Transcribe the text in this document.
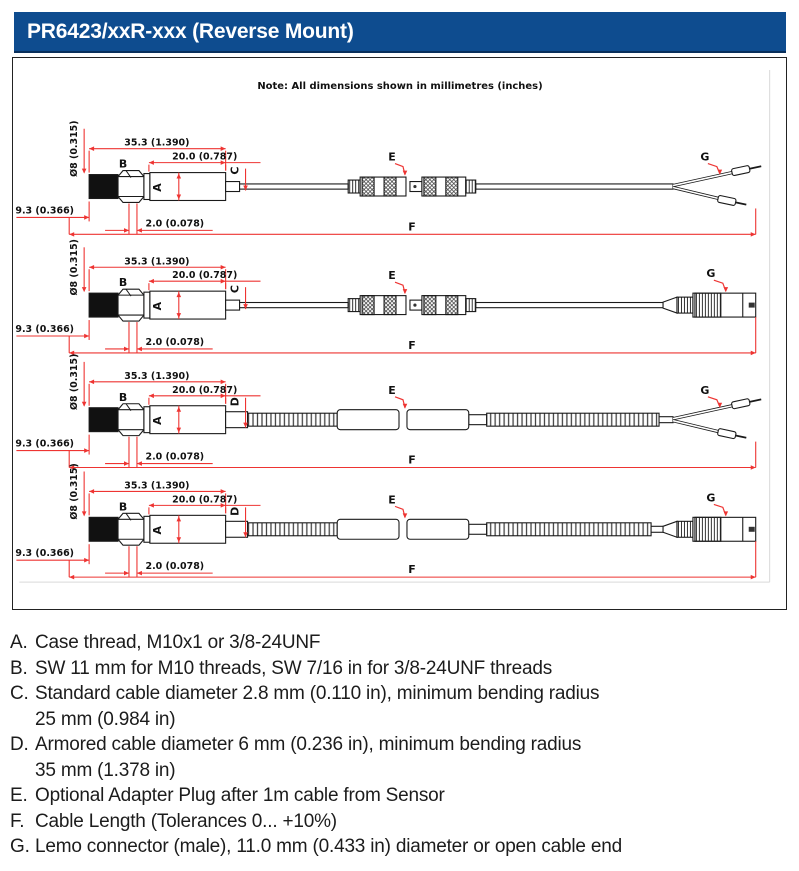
PR6423/xxR-xxx (Reverse Mount)
Note: All dimensions shown in millimetres (inches)
Ø8 (0.315)	35.3 (1.390)
20.0 (0.787)
9.3 (0.366)
2.0 (0.078)
B
A
C
E	G
F
Ø8 (0.315)	35.3 (1.390)
20.0 (0.787)
9.3 (0.366)
2.0 (0.078)
B
A
C
E	G
F
Ø8 (0.315)	35.3 (1.390)
20.0 (0.787)
9.3 (0.366)
2.0 (0.078)
B
A
D
E	G
F
Ø8 (0.315)	35.3 (1.390)
20.0 (0.787)
9.3 (0.366)
2.0 (0.078)
B
A
D
E	G
F
A. Case thread, M10x1 or 3/8-24UNF
B. SW 11 mm for M10 threads, SW 7/16 in for 3/8-24UNF threads
C. Standard cable diameter 2.8 mm (0.110 in), minimum bending radius
25 mm (0.984 in)
D. Armored cable diameter 6 mm (0.236 in), minimum bending radius
35 mm (1.378 in)
E. Optional Adapter Plug after 1m cable from Sensor
F. Cable Length (Tolerances 0... +10%)
G. Lemo connector (male), 11.0 mm (0.433 in) diameter or open cable end
